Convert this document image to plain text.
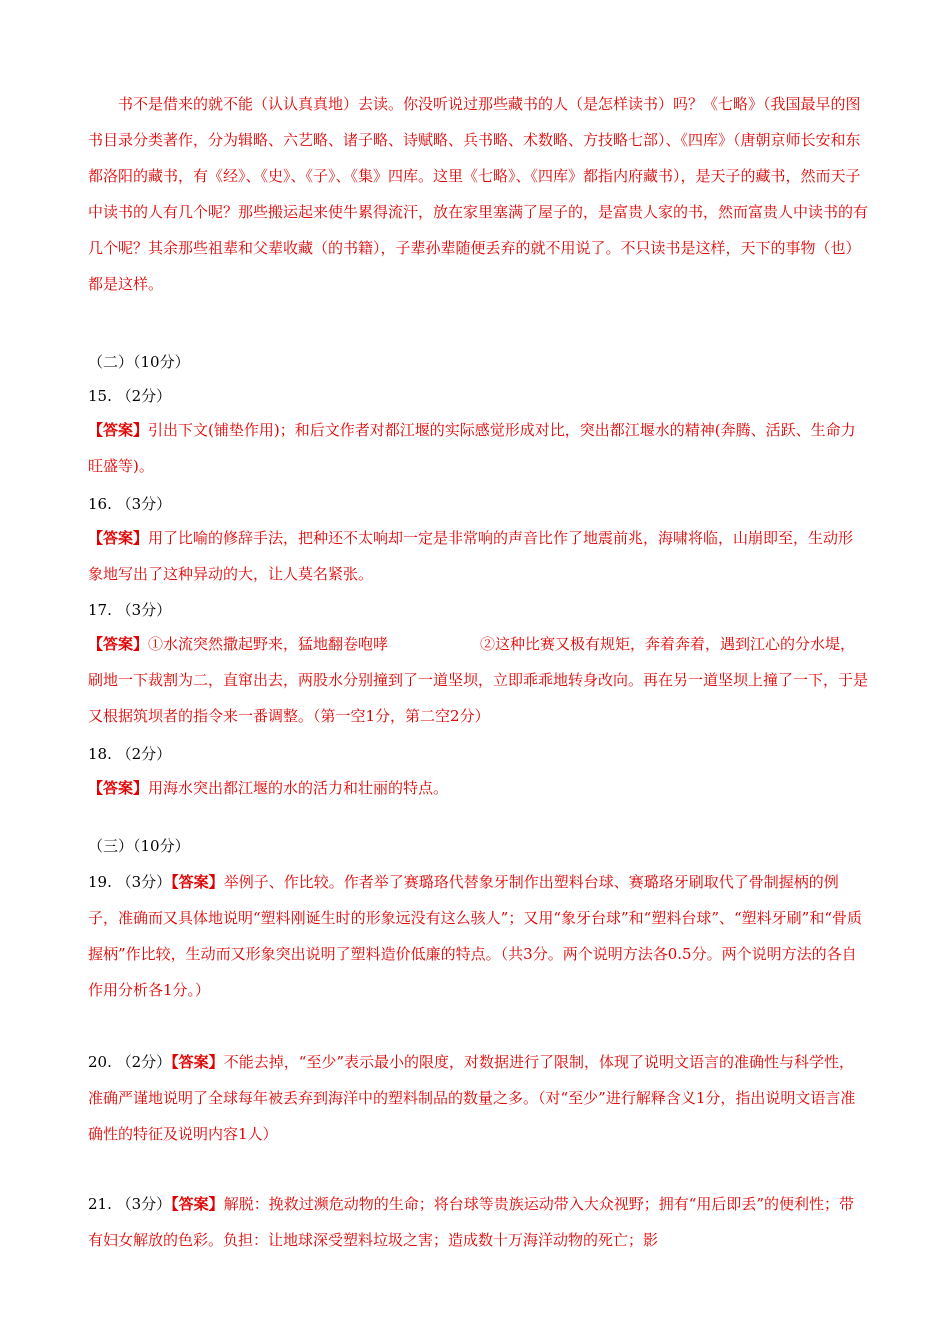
书不是借来的就不能（认认真真地）去读。你没听说过那些藏书的人（是怎样读书）吗？《七略》（我国最早的图书目录分类著作，分为辑略、六艺略、诸子略、诗赋略、兵书略、术数略、方技略七部）、《四库》（唐朝京师长安和东都洛阳的藏书，有《经》、《史》、《子》、《集》四库。这里《七略》、《四库》都指内府藏书），是天子的藏书，然而天子中读书的人有几个呢？那些搬运起来使牛累得流汗，放在家里塞满了屋子的，是富贵人家的书，然而富贵人中读书的有几个呢？其余那些祖辈和父辈收藏（的书籍），子辈孙辈随便丢弃的就不用说了。不只读书是这样，天下的事物（也）都是这样。

（二）（10分）
15. （2分）

【答案】引出下文(铺垫作用)；和后文作者对都江堰的实际感觉形成对比，突出都江堰水的精神(奔腾、活跃、生命力旺盛等)。

16. （3分）

【答案】用了比喻的修辞手法，把种还不太响却一定是非常响的声音比作了地震前兆，海啸将临，山崩即至，生动形象地写出了这种异动的大，让人莫名紧张。

17. （3分）

【答案】①水流突然撒起野来，猛地翻卷咆哮	②这种比赛又极有规矩，奔着奔着，遇到江心的分水堤，刷地一下裁割为二，直窜出去，两股水分别撞到了一道坚坝，立即乖乖地转身改向。再在另一道坚坝上撞了一下，于是又根据筑坝者的指令来一番调整。（第一空1分，第二空2分）

18. （2分）

【答案】用海水突出都江堰的水的活力和壮丽的特点。

（三）（10分）

19. （3分）【答案】举例子、作比较。作者举了赛璐珞代替象牙制作出塑料台球、赛璐珞牙刷取代了骨制握柄的例子，准确而又具体地说明“塑料刚诞生时的形象远没有这么骇人”；又用“象牙台球”和“塑料台球”、“塑料牙刷”和“骨质握柄”作比较，生动而又形象突出说明了塑料造价低廉的特点。（共3分。两个说明方法各0.5分。两个说明方法的各自作用分析各1分。）

20. （2分）【答案】不能去掉，“至少”表示最小的限度，对数据进行了限制，体现了说明文语言的准确性与科学性，准确严谨地说明了全球每年被丢弃到海洋中的塑料制品的数量之多。（对“至少”进行解释含义1分，指出说明文语言准确性的特征及说明内容1人）

21. （3分）【答案】解脱：挽救过濒危动物的生命；将台球等贵族运动带入大众视野；拥有“用后即丢”的便利性；带有妇女解放的色彩。负担：让地球深受塑料垃圾之害；造成数十万海洋动物的死亡；影
